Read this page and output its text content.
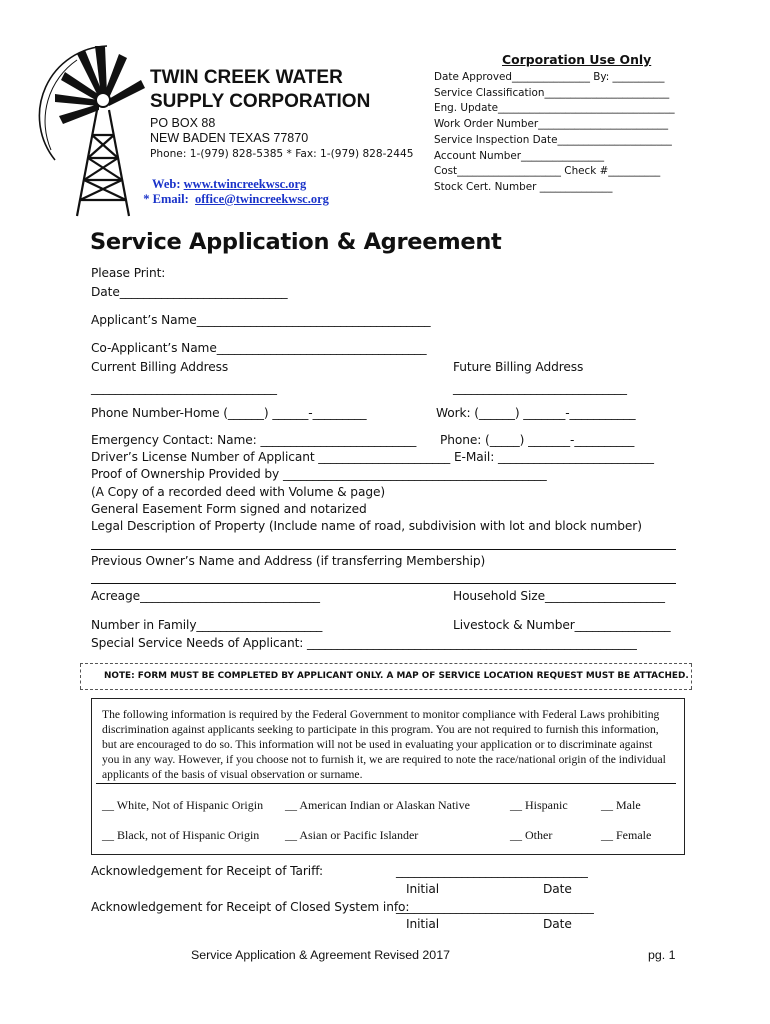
TWIN CREEK WATER
SUPPLY CORPORATION
PO BOX 88
NEW BADEN TEXAS 77870
Phone: 1-(979) 828-5385 * Fax: 1-(979) 828-2445

Web: www.twincreekwsc.org

* Email:  office@twincreekwsc.org

Corporation Use Only
Date Approved_______________ By: __________
Service Classification________________________
Eng. Update__________________________________
Work Order Number_________________________
Service Inspection Date______________________
Account Number________________
Cost____________________ Check #__________
Stock Cert. Number ______________
Service Application & Agreement
Please Print:
Date____________________________
Applicant’s Name_______________________________________
Co-Applicant’s Name___________________________________
Current Billing Address	Future Billing Address
_______________________________	_____________________________
Phone Number-Home (______) ______-_________	Work: (______) _______-___________
Emergency Contact: Name: __________________________ Phone: (_____) _______-__________
Driver’s License Number of Applicant ______________________ E-Mail: __________________________
Proof of Ownership Provided by ____________________________________________
(A Copy of a recorded deed with Volume & page)
General Easement Form signed and notarized
Legal Description of Property (Include name of road, subdivision with lot and block number)
Previous Owner’s Name and Address (if transferring Membership)
Acreage______________________________	Household Size____________________
Number in Family_____________________	Livestock & Number________________
Special Service Needs of Applicant: _______________________________________________________
NOTE: FORM MUST BE COMPLETED BY APPLICANT ONLY. A MAP OF SERVICE LOCATION REQUEST MUST BE ATTACHED.
The following information is required by the Federal Government to monitor compliance with Federal Laws prohibiting discrimination against applicants seeking to participate in this program. You are not required to furnish this information, but are encouraged to do so. This information will not be used in evaluating your application or to discriminate against you in any way. However, if you choose not to furnish it, we are required to note the race/national origin of the individual applicants of the basis of visual observation or surname.
__ White, Not of Hispanic Origin __ American Indian or Alaskan Native	__ Hispanic	__ Male
__ Black, not of Hispanic Origin __ Asian or Pacific Islander	__ Other	__ Female
Acknowledgement for Receipt of Tariff:	________________________________
Initial	Date
Acknowledgement for Receipt of Closed System info:
_________________________________
Initial	Date
Service Application & Agreement Revised 2017	pg. 1
